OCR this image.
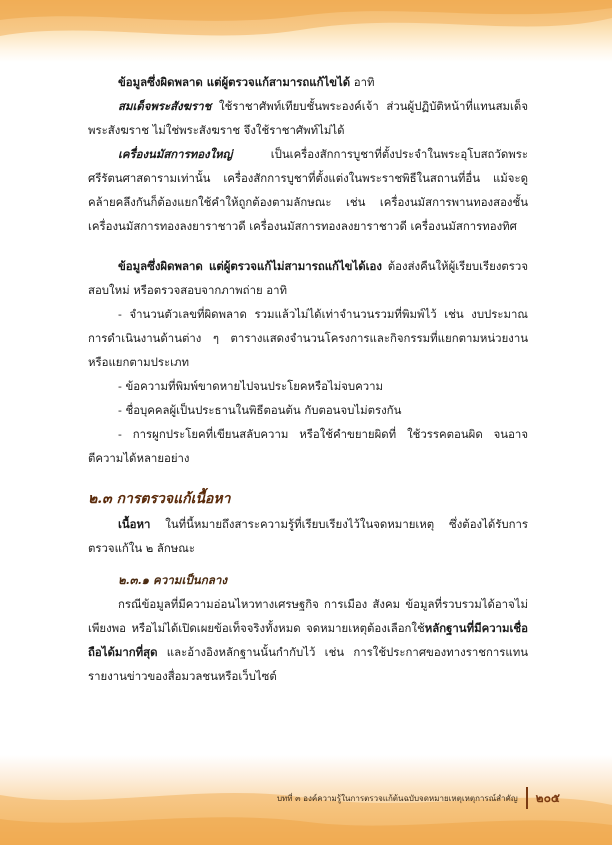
ข้อมูลซึ่งผิดพลาด แต่ผู้ตรวจแก้สามารถแก้ไขได้ อาทิ

สมเด็จพระสังฆราช ใช้ราชาศัพท์เทียบชั้นพระองค์เจ้า ส่วนผู้ปฏิบัติหน้าที่แทนสมเด็จพระสังฆราช ไม่ใช่พระสังฆราช จึงใช้ราชาศัพท์ไม่ได้

เครื่องนมัสการทองใหญ่ เป็นเครื่องสักการบูชาที่ตั้งประจำในพระอุโบสถวัดพระศรีรัตนศาสดารามเท่านั้น เครื่องสักการบูชาที่ตั้งแต่งในพระราชพิธีในสถานที่อื่น แม้จะดูคล้ายคลึงกันก็ต้องแยกใช้คำให้ถูกต้องตามลักษณะ เช่น เครื่องนมัสการพานทองสองชั้น เครื่องนมัสการทองลงยาราชาวดี เครื่องนมัสการทองลงยาราชาวดี เครื่องนมัสการทองทิศ

ข้อมูลซึ่งผิดพลาด แต่ผู้ตรวจแก้ไม่สามารถแก้ไขได้เอง ต้องส่งคืนให้ผู้เรียบเรียงตรวจสอบใหม่ หรือตรวจสอบจากภาพถ่าย อาทิ

- จำนวนตัวเลขที่ผิดพลาด รวมแล้วไม่ได้เท่าจำนวนรวมที่พิมพ์ไว้ เช่น งบประมาณการดำเนินงานด้านต่าง ๆ ตารางแสดงจำนวนโครงการและกิจกรรมที่แยกตามหน่วยงาน หรือแยกตามประเภท

- ข้อความที่พิมพ์ขาดหายไปจนประโยคหรือไม่จบความ

- ชื่อบุคคลผู้เป็นประธานในพิธีตอนต้น กับตอนจบไม่ตรงกัน

- การผูกประโยคที่เขียนสลับความ หรือใช้คำขยายผิดที่ ใช้วรรคตอนผิด จนอาจตีความได้หลายอย่าง

๒.๓ การตรวจแก้เนื้อหา

เนื้อหา ในที่นี้หมายถึงสาระความรู้ที่เรียบเรียงไว้ในจดหมายเหตุ ซึ่งต้องได้รับการตรวจแก้ใน ๒ ลักษณะ

๒.๓.๑ ความเป็นกลาง

กรณีข้อมูลที่มีความอ่อนไหวทางเศรษฐกิจ การเมือง สังคม ข้อมูลที่รวบรวมได้อาจไม่เพียงพอ หรือไม่ได้เปิดเผยข้อเท็จจริงทั้งหมด จดหมายเหตุต้องเลือกใช้หลักฐานที่มีความเชื่อถือได้มากที่สุด และอ้างอิงหลักฐานนั้นกำกับไว้ เช่น การใช้ประกาศของทางราชการแทนรายงานข่าวของสื่อมวลชนหรือเว็บไซต์

บทที่ ๓ องค์ความรู้ในการตรวจแก้ต้นฉบับจดหมายเหตุเหตุการณ์สำคัญ ๒๐๕
